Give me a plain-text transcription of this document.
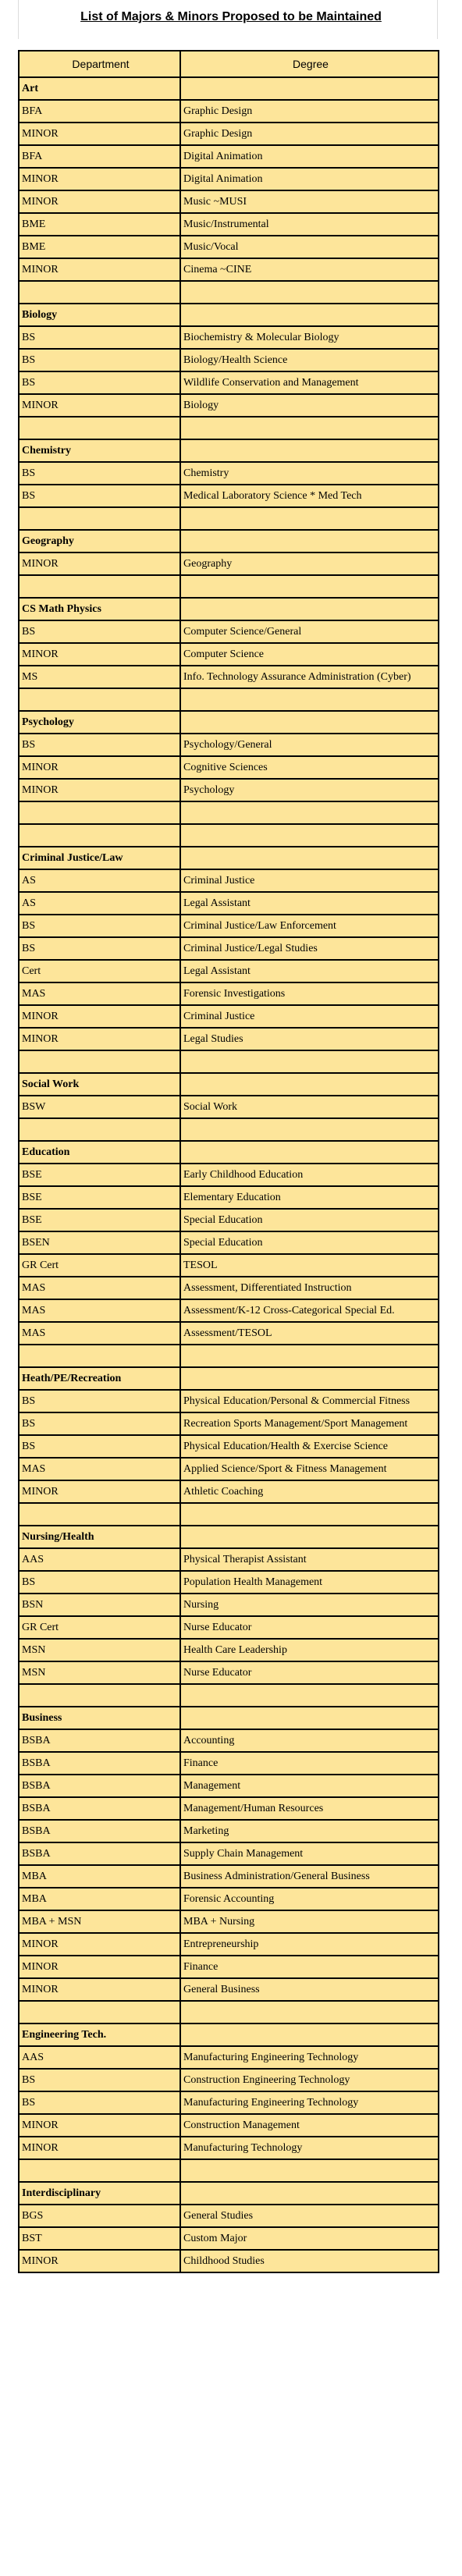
List of Majors & Minors Proposed to be Maintained
Department	Degree
Art	
BFA	Graphic Design
MINOR	Graphic Design
BFA	Digital Animation
MINOR	Digital Animation
MINOR	Music ~MUSI
BME	Music/Instrumental
BME	Music/Vocal
MINOR	Cinema ~CINE

Biology	
BS	Biochemistry & Molecular Biology
BS	Biology/Health Science
BS	Wildlife Conservation and Management
MINOR	Biology

Chemistry	
BS	Chemistry
BS	Medical Laboratory Science * Med Tech

Geography	
MINOR	Geography

CS Math Physics	
BS	Computer Science/General
MINOR	Computer Science
MS	Info. Technology Assurance Administration (Cyber)

Psychology	
BS	Psychology/General
MINOR	Cognitive Sciences
MINOR	Psychology

Criminal Justice/Law	
AS	Criminal Justice
AS	Legal Assistant
BS	Criminal Justice/Law Enforcement
BS	Criminal Justice/Legal Studies
Cert	Legal Assistant
MAS	Forensic Investigations
MINOR	Criminal Justice
MINOR	Legal Studies

Social Work	
BSW	Social Work

Education	
BSE	Early Childhood Education
BSE	Elementary Education
BSE	Special Education
BSEN	Special Education
GR Cert	TESOL
MAS	Assessment, Differentiated Instruction
MAS	Assessment/K-12 Cross-Categorical Special Ed.
MAS	Assessment/TESOL

Heath/PE/Recreation	
BS	Physical Education/Personal & Commercial Fitness
BS	Recreation Sports Management/Sport Management
BS	Physical Education/Health & Exercise Science
MAS	Applied Science/Sport & Fitness Management
MINOR	Athletic Coaching

Nursing/Health	
AAS	Physical Therapist Assistant
BS	Population Health Management
BSN	Nursing
GR Cert	Nurse Educator
MSN	Health Care Leadership
MSN	Nurse Educator

Business	
BSBA	Accounting
BSBA	Finance
BSBA	Management
BSBA	Management/Human Resources
BSBA	Marketing
BSBA	Supply Chain Management
MBA	Business Administration/General Business
MBA	Forensic Accounting
MBA + MSN	MBA + Nursing
MINOR	Entrepreneurship
MINOR	Finance
MINOR	General Business

Engineering Tech.	
AAS	Manufacturing Engineering Technology
BS	Construction Engineering Technology
BS	Manufacturing Engineering Technology
MINOR	Construction Management
MINOR	Manufacturing Technology

Interdisciplinary	
BGS	General Studies
BST	Custom Major
MINOR	Childhood Studies
